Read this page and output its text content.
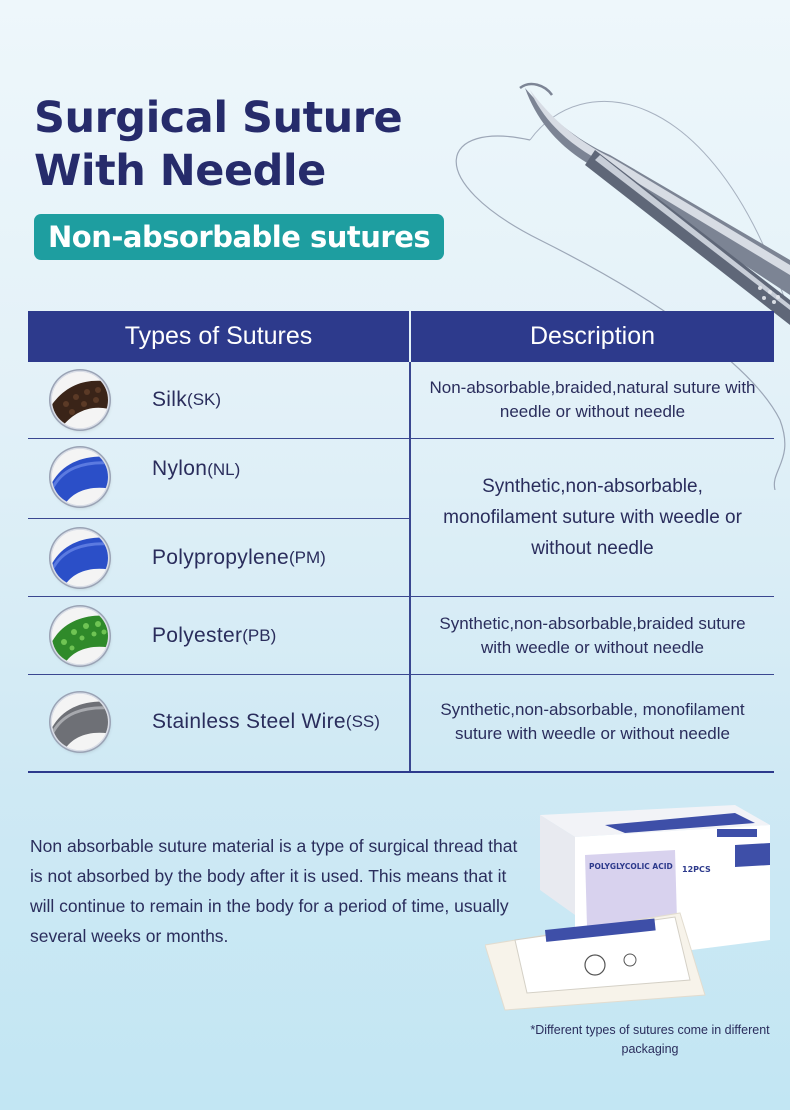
Surgical Suture
With Needle
Non-absorbable sutures
Types of Sutures	Description
Silk (SK)
Non-absorbable,braided,natural suture with needle or without needle
Nylon(NL)
Polypropylene (PM)
Synthetic,non-absorbable, monofilament suture with weedle or without needle
Polyester (PB)
Synthetic,non-absorbable,braided suture with weedle or without needle
Stainless Steel Wire (SS)
Synthetic,non-absorbable, monofilament suture with weedle or without needle

Non absorbable suture material is a type of surgical thread that is not absorbed by the body after it is used. This means that it will continue to remain in the body for a period of time, usually several weeks or months.

POLYGLYCOLIC ACID 12PCS
*Different types of sutures come in different packaging
